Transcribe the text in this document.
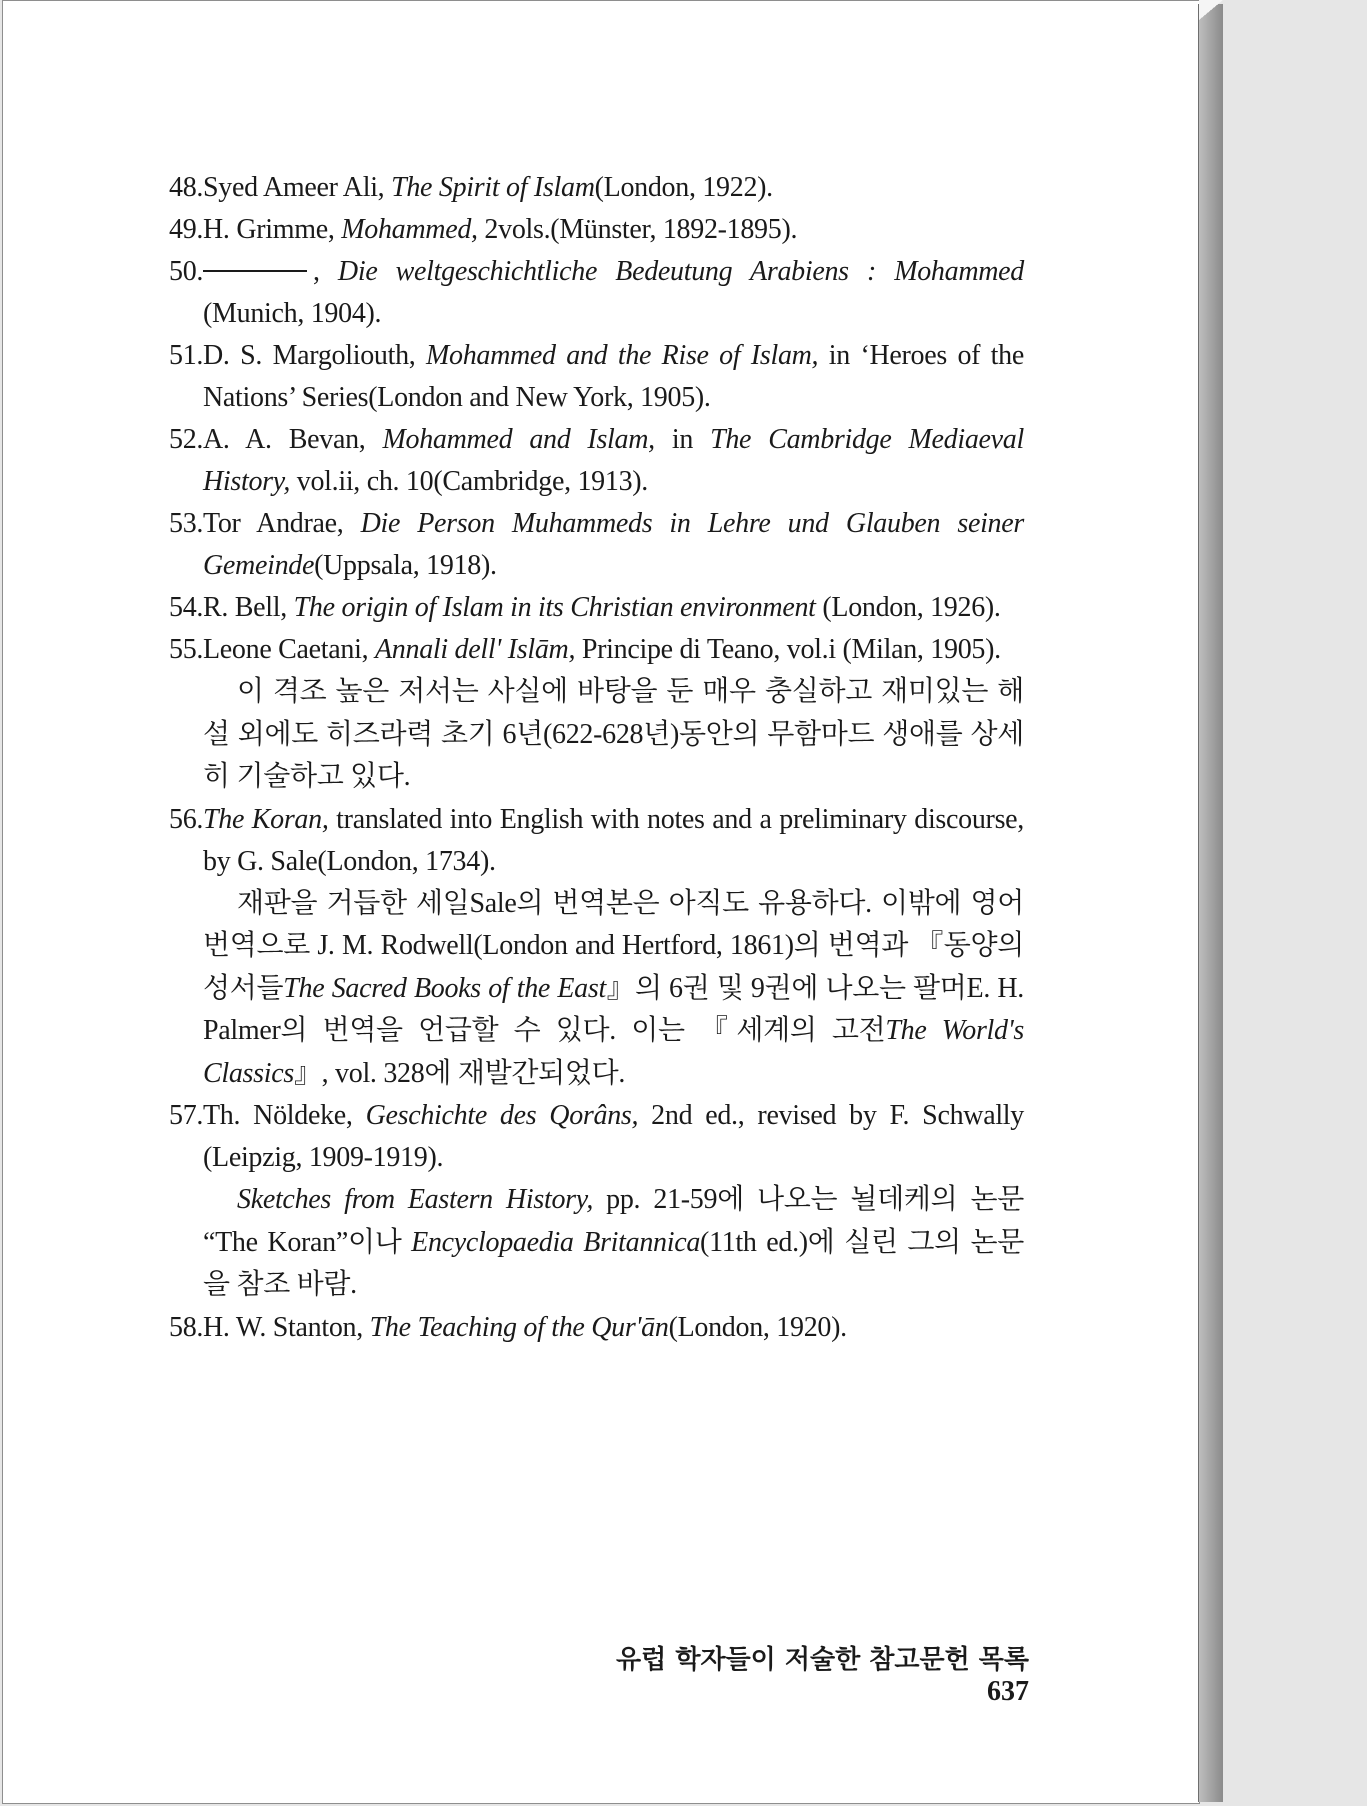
48. Syed Ameer Ali, The Spirit of Islam(London, 1922).
49. H. Grimme, Mohammed, 2vols.(Münster, 1892-1895).
50.	, Die weltgeschichtliche Bedeutung Arabiens : Mohammed (Munich, 1904).
51. D. S. Margoliouth, Mohammed and the Rise of Islam, in ‘Heroes of the Nations’ Series(London and New York, 1905).
52. A. A. Bevan, Mohammed and Islam, in The Cambridge Mediaeval History, vol.ii, ch. 10(Cambridge, 1913).
53. Tor Andrae, Die Person Muhammeds in Lehre und Glauben seiner Gemeinde(Uppsala, 1918).
54. R. Bell, The origin of Islam in its Christian environment (London, 1926).
55. Leone Caetani, Annali dell' Islām, Principe di Teano, vol.i (Milan, 1905).
이 격조 높은 저서는 사실에 바탕을 둔 매우 충실하고 재미있는 해설 외에도 히즈라력 초기 6년(622-628년)동안의 무함마드 생애를 상세히 기술하고 있다.
56. The Koran, translated into English with notes and a preliminary discourse, by G. Sale(London, 1734).
재판을 거듭한 세일Sale의 번역본은 아직도 유용하다. 이밖에 영어 번역으로 J. M. Rodwell(London and Hertford, 1861)의 번역과 『동양의 성서들The Sacred Books of the East』의 6권 및 9권에 나오는 팔머E. H. Palmer의 번역을 언급할 수 있다. 이는 『세계의 고전The World's Classics』, vol. 328에 재발간되었다.
57. Th. Nöldeke, Geschichte des Qorâns, 2nd ed., revised by F. Schwally (Leipzig, 1909-1919).
Sketches from Eastern History, pp. 21-59에 나오는 뇔데케의 논문 “The Koran”이나 Encyclopaedia Britannica(11th ed.)에 실린 그의 논문을 참조 바람.
58. H. W. Stanton, The Teaching of the Qur'ān(London, 1920).
유럽 학자들이 저술한 참고문헌 목록637
